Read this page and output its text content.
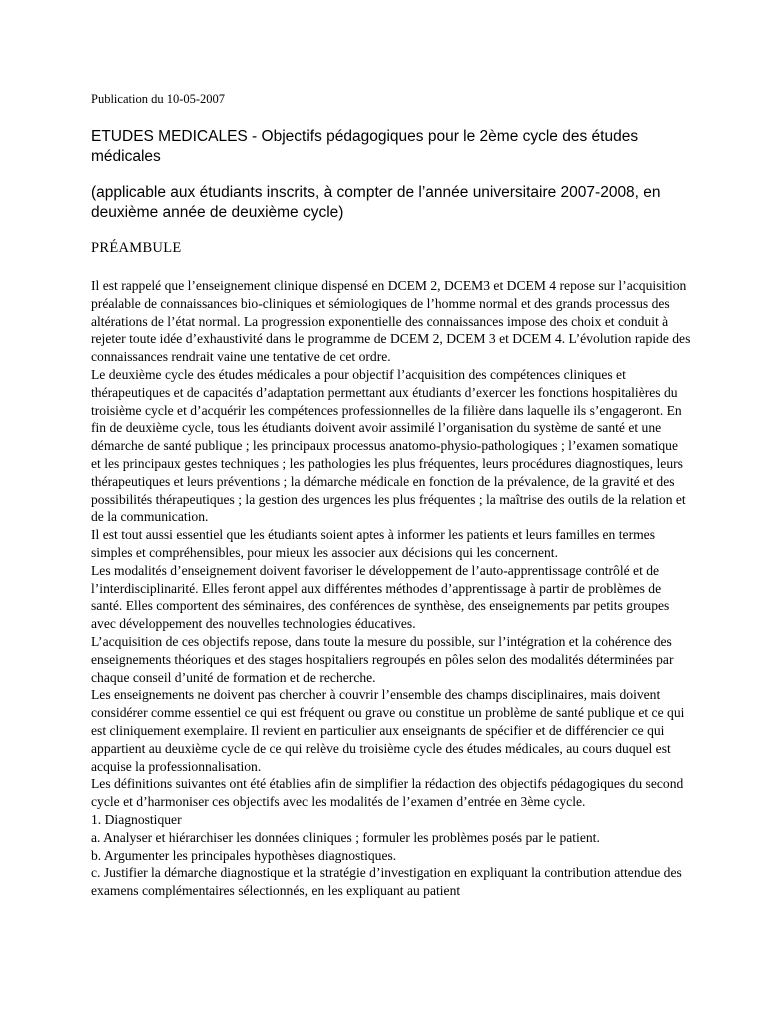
Publication du 10-05-2007
ETUDES MEDICALES - Objectifs pédagogiques pour le 2ème cycle des études médicales
(applicable aux étudiants inscrits, à compter de l’année universitaire 2007-2008, en deuxième année de deuxième cycle)
PRÉAMBULE

Il est rappelé que l’enseignement clinique dispensé en DCEM 2, DCEM3 et DCEM 4 repose sur l’acquisition préalable de connaissances bio-cliniques et sémiologiques de l’homme normal et des grands processus des altérations de l’état normal. La progression exponentielle des connaissances impose des choix et conduit à rejeter toute idée d’exhaustivité dans le programme de DCEM 2, DCEM 3 et DCEM 4. L’évolution rapide des connaissances rendrait vaine une tentative de cet ordre.

Le deuxième cycle des études médicales a pour objectif l’acquisition des compétences cliniques et thérapeutiques et de capacités d’adaptation permettant aux étudiants d’exercer les fonctions hospitalières du troisième cycle et d’acquérir les compétences professionnelles de la filière dans laquelle ils s’engageront. En fin de deuxième cycle, tous les étudiants doivent avoir assimilé l’organisation du système de santé et une démarche de santé publique ; les principaux processus anatomo-physio-pathologiques ; l’examen somatique et les principaux gestes techniques ; les pathologies les plus fréquentes, leurs procédures diagnostiques, leurs thérapeutiques et leurs préventions ; la démarche médicale en fonction de la prévalence, de la gravité et des possibilités thérapeutiques ; la gestion des urgences les plus fréquentes ; la maîtrise des outils de la relation et de la communication.

Il est tout aussi essentiel que les étudiants soient aptes à informer les patients et leurs familles en termes simples et compréhensibles, pour mieux les associer aux décisions qui les concernent.

Les modalités d’enseignement doivent favoriser le développement de l’auto-apprentissage contrôlé et de l’interdisciplinarité. Elles feront appel aux différentes méthodes d’apprentissage à partir de problèmes de santé. Elles comportent des séminaires, des conférences de synthèse, des enseignements par petits groupes avec développement des nouvelles technologies éducatives.

L’acquisition de ces objectifs repose, dans toute la mesure du possible, sur l’intégration et la cohérence des enseignements théoriques et des stages hospitaliers regroupés en pôles selon des modalités déterminées par chaque conseil d’unité de formation et de recherche.

Les enseignements ne doivent pas chercher à couvrir l’ensemble des champs disciplinaires, mais doivent considérer comme essentiel ce qui est fréquent ou grave ou constitue un problème de santé publique et ce qui est cliniquement exemplaire. Il revient en particulier aux enseignants de spécifier et de différencier ce qui appartient au deuxième cycle de ce qui relève du troisième cycle des études médicales, au cours duquel est acquise la professionnalisation.

Les définitions suivantes ont été établies afin de simplifier la rédaction des objectifs pédagogiques du second cycle et d’harmoniser ces objectifs avec les modalités de l’examen d’entrée en 3ème cycle.

1. Diagnostiquer

a. Analyser et hiérarchiser les données cliniques ; formuler les problèmes posés par le patient.

b. Argumenter les principales hypothèses diagnostiques.

c. Justifier la démarche diagnostique et la stratégie d’investigation en expliquant la contribution attendue des examens complémentaires sélectionnés, en les expliquant au patient
